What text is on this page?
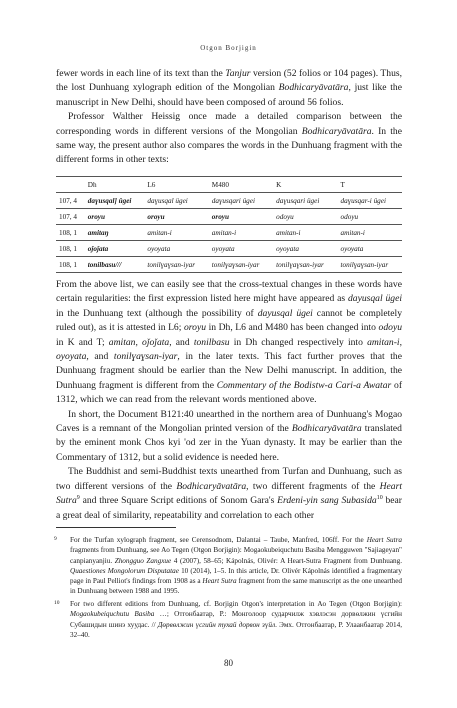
Otgon Borjigin

fewer words in each line of its text than the Tanjur version (52 folios or 104 pages). Thus, the lost Dunhuang xylograph edition of the Mongolian Bodhicaryāvatāra, just like the manuscript in New Delhi, should have been composed of around 56 folios.

Professor Walther Heissig once made a detailed comparison between the corresponding words in different versions of the Mongolian Bodhicaryāvatāra. In the same way, the present author also compares the words in the Dunhuang fragment with the different forms in other texts:

	Dh	L6	M480	K	T
107, 4	daɣusqal] ügei	daɣusqal ügei	daɣusqari ügei	daɣusqari ügei	daɣusqar-i ügei
107, 4	oroyu	oroyu	oroyu	odoyu	odoyu
108, 1	amitaŋ	amitan-i	amitan-i	amitan-i	amitan-i
108, 1	oǰoǰata	oyoyata	oyoyata	oyoyata	oyoyata
108, 1	tonilbasu///	tonilɣaɣsan-iyar	tonilɣaɣsan-iyar	tonilɣaɣsan-iyar	tonilɣaɣsan-iyar

From the above list, we can easily see that the cross-textual changes in these words have certain regularities: the first expression listed here might have appeared as dayusqal ügei in the Dunhuang text (although the possibility of dayusqal ügei cannot be completely ruled out), as it is attested in L6; oroyu in Dh, L6 and M480 has been changed into odoyu in K and T; amitan, oǰoǰata, and tonilbasu in Dh changed respectively into amitan-i, oyoyata, and tonilɣaɣsan-iyar, in the later texts. This fact further proves that the Dunhuang fragment should be earlier than the New Delhi manuscript. In addition, the Dunhuang fragment is different from the Commentary of the Bodistw-a Cari-a Awatar of 1312, which we can read from the relevant words mentioned above.

In short, the Document B121:40 unearthed in the northern area of Dunhuang's Mogao Caves is a remnant of the Mongolian printed version of the Bodhicaryāvatāra translated by the eminent monk Chos kyi 'od zer in the Yuan dynasty. It may be earlier than the Commentary of 1312, but a solid evidence is needed here.

The Buddhist and semi-Buddhist texts unearthed from Turfan and Dunhuang, such as two different versions of the Bodhicaryāvatāra, two different fragments of the Heart Sutra$^9$ and three Square Script editions of Sonom Gara's Erdeni-yin sang Subasida$^{10}$ bear a great deal of similarity, repeatability and correlation to each other

9	For the Turfan xylograph fragment, see Cerensodnom, Dalantai – Taube, Manfred, 106ff. For the Heart Sutra fragments from Dunhuang, see Ao Tegen (Otgon Borjigin): Mogaokubeiquchutu Basiba Mengguwen "Sajiageyan" canpianyanjiu. Zhongguo Zangxue 4 (2007), 58–65; Kápolnás, Olivér: A Heart-Sutra Fragment from Dunhuang. Quaestiones Mongolorum Disputatae 10 (2014), 1–5. In this article, Dr. Olivér Kápolnás identified a fragmentary page in Paul Pelliot's findings from 1908 as a Heart Sutra fragment from the same manuscript as the one unearthed in Dunhuang between 1988 and 1995.
10	For two different editions from Dunhuang, cf. Borjigin Otgon's interpretation in Ao Tegen (Otgon Borjigin): Mogaokubeiquchutu Basiba …; Отгонбаатар, Р.: Монголоор сударчилж хэвлэсэн дорвөлжин үсгийн Субашидын шинэ хуудас. // Дөрвөлжин үсгийн тухай дорвон зүйл. Эмх. Отгонбаатар, Р. Улаанбаатар 2014, 32–40.
80
